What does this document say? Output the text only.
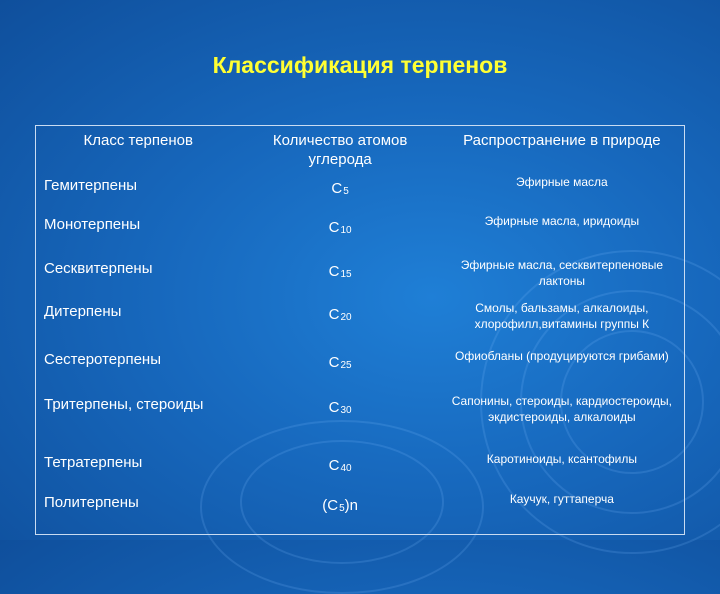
Классификация терпенов
Класс терпенов	Количество атомов углерода	Распространение в природе
Гемитерпены	$C_5$	Эфирные масла
Монотерпены	$C_{10}$	Эфирные масла, иридоиды
Сесквитерпены	$C_{15}$	Эфирные масла, сесквитерпеновые лактоны
Дитерпены	$C_{20}$	Смолы, бальзамы, алкалоиды, хлорофилл,витамины группы К
Сестеротерпены	$C_{25}$	Офиобланы (продуцируются грибами)
Тритерпены, стероиды	$C_{30}$	Сапонины, стероиды, кардиостероиды, экдистероиды, алкалоиды
Тетратерпены	$C_{40}$	Каротиноиды, ксантофилы
Политерпены	$(C_5)n$	Каучук, гуттаперча
